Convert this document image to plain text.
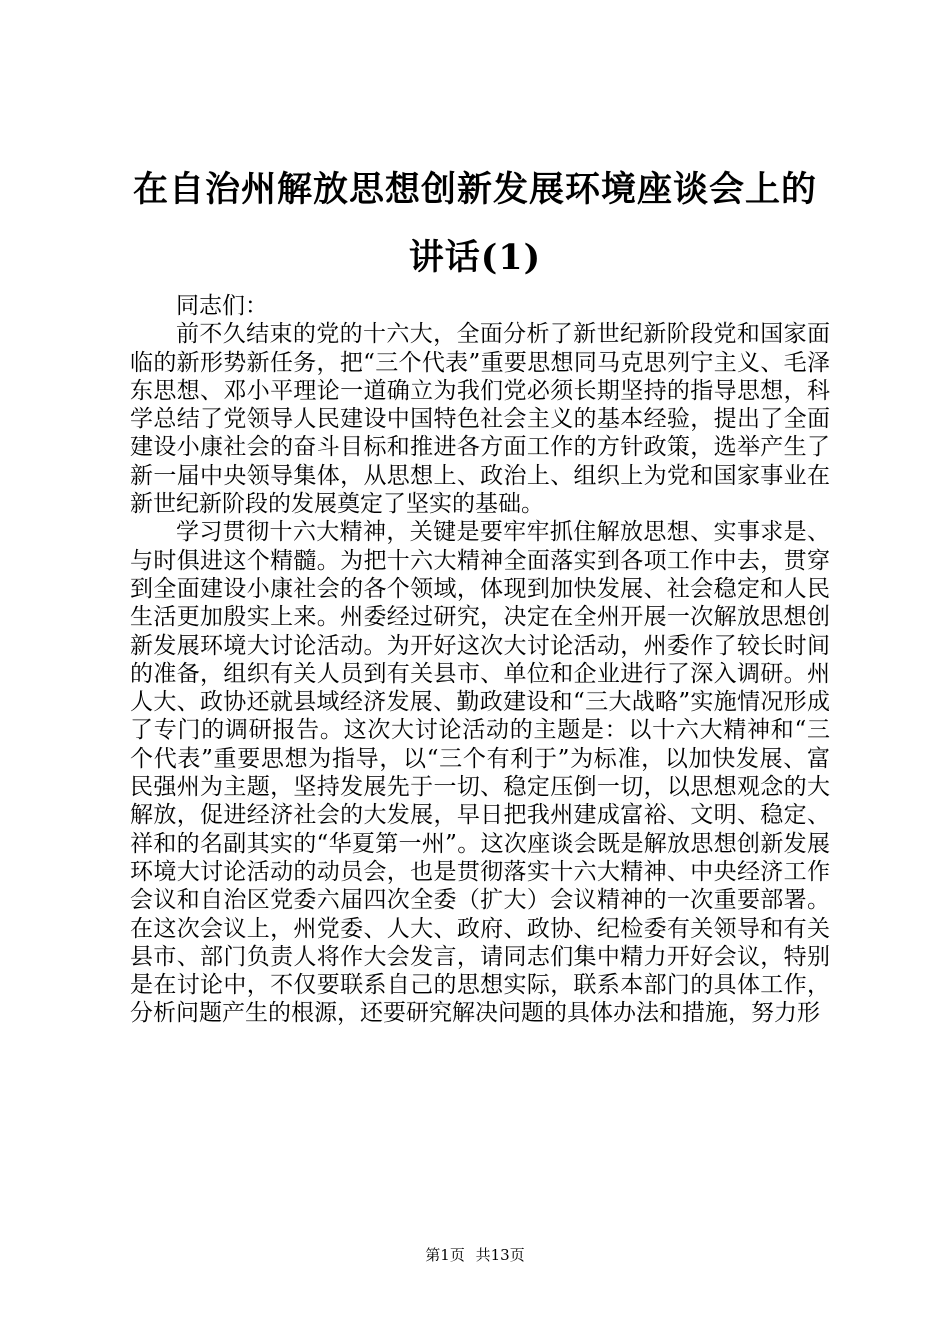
在自治州解放思想创新发展环境座谈会上的讲话(1)

同志们：

前不久结束的党的十六大，全面分析了新世纪新阶段党和国家面临的新形势新任务，把“三个代表”重要思想同马克思列宁主义、毛泽东思想、邓小平理论一道确立为我们党必须长期坚持的指导思想，科学总结了党领导人民建设中国特色社会主义的基本经验，提出了全面建设小康社会的奋斗目标和推进各方面工作的方针政策，选举产生了新一届中央领导集体，从思想上、政治上、组织上为党和国家事业在新世纪新阶段的发展奠定了坚实的基础。

学习贯彻十六大精神，关键是要牢牢抓住解放思想、实事求是、与时俱进这个精髓。为把十六大精神全面落实到各项工作中去，贯穿到全面建设小康社会的各个领域，体现到加快发展、社会稳定和人民生活更加殷实上来。州委经过研究，决定在全州开展一次解放思想创新发展环境大讨论活动。为开好这次大讨论活动，州委作了较长时间的准备，组织有关人员到有关县市、单位和企业进行了深入调研。州人大、政协还就县域经济发展、勤政建设和“三大战略”实施情况形成了专门的调研报告。这次大讨论活动的主题是：以十六大精神和“三个代表”重要思想为指导，以“三个有利于”为标准，以加快发展、富民强州为主题，坚持发展先于一切、稳定压倒一切，以思想观念的大解放，促进经济社会的大发展，早日把我州建成富裕、文明、稳定、祥和的名副其实的“华夏第一州”。这次座谈会既是解放思想创新发展环境大讨论活动的动员会，也是贯彻落实十六大精神、中央经济工作会议和自治区党委六届四次全委（扩大）会议精神的一次重要部署。在这次会议上，州党委、人大、政府、政协、纪检委有关领导和有关县市、部门负责人将作大会发言，请同志们集中精力开好会议，特别是在讨论中，不仅要联系自己的思想实际，联系本部门的具体工作，分析问题产生的根源，还要研究解决问题的具体办法和措施，努力形

第1页 共13页
